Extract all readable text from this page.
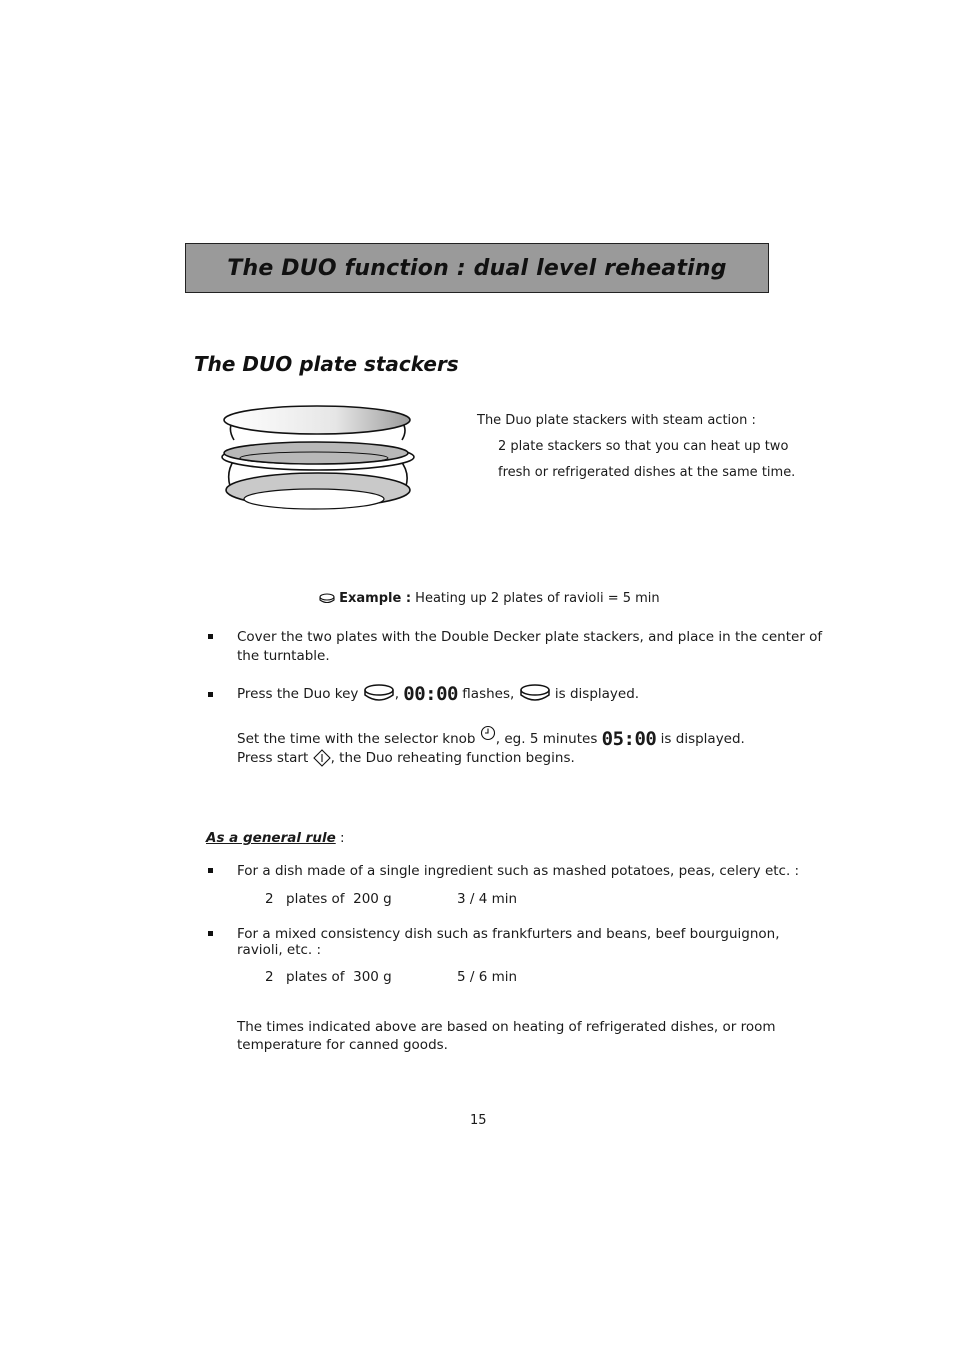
The DUO function : dual level reheating
The DUO plate stackers
The Duo plate stackers with steam action :
2 plate stackers so that you can heat up two
fresh or refrigerated dishes at the same time.
Example : Heating up 2 plates of ravioli = 5 min
Cover the two plates with the Double Decker plate stackers, and place in the center of
the turntable.
Press the Duo key	, 00:00 flashes,	is displayed.
Set the time with the selector knob , eg. 5 minutes 05:00 is displayed.
Press start , the Duo reheating function begins.
As a general rule :
For a dish made of a single ingredient such as mashed potatoes, peas, celery etc. :
2 plates of  200 g	3 / 4 min
For a mixed consistency dish such as frankfurters and beans, beef bourguignon,
ravioli, etc. :
2 plates of  300 g	5 / 6 min
The times indicated above are based on heating of refrigerated dishes, or room
temperature for canned goods.
15
